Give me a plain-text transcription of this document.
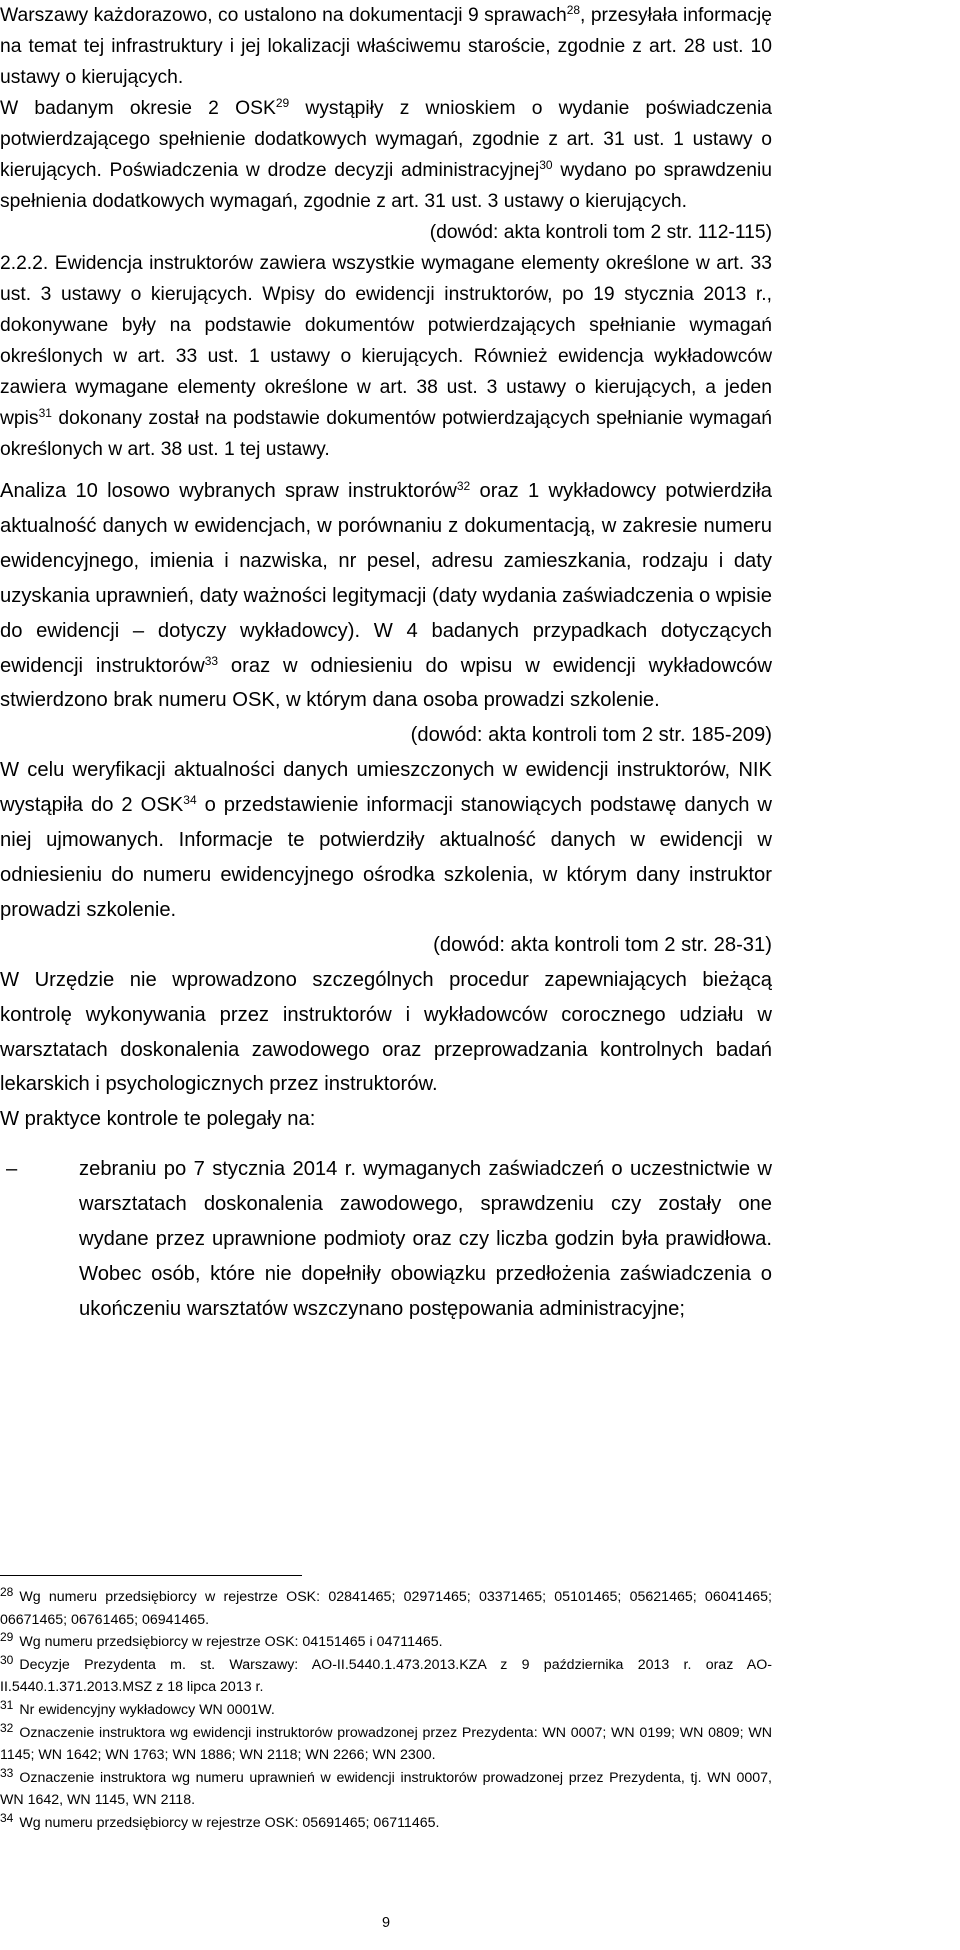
Warszawy każdorazowo, co ustalono na dokumentacji 9 sprawach$^{28}$, przesyłała informację na temat tej infrastruktury i jej lokalizacji właściwemu staroście, zgodnie z art. 28 ust. 10 ustawy o kierujących.

W badanym okresie 2 OSK$^{29}$ wystąpiły z wnioskiem o wydanie poświadczenia potwierdzającego spełnienie dodatkowych wymagań, zgodnie z art. 31 ust. 1 ustawy o kierujących. Poświadczenia w drodze decyzji administracyjnej$^{30}$ wydano po sprawdzeniu spełnienia dodatkowych wymagań, zgodnie z art. 31 ust. 3 ustawy o kierujących.

(dowód: akta kontroli tom 2 str. 112-115)

2.2.2. Ewidencja instruktorów zawiera wszystkie wymagane elementy określone w art. 33 ust. 3 ustawy o kierujących. Wpisy do ewidencji instruktorów, po 19 stycznia 2013 r., dokonywane były na podstawie dokumentów potwierdzających spełnianie wymagań określonych w art. 33 ust. 1 ustawy o kierujących. Również ewidencja wykładowców zawiera wymagane elementy określone w art. 38 ust. 3 ustawy o kierujących, a jeden wpis$^{31}$ dokonany został na podstawie dokumentów potwierdzających spełnianie wymagań określonych w art. 38 ust. 1 tej ustawy.

Analiza 10 losowo wybranych spraw instruktorów$^{32}$ oraz 1 wykładowcy potwierdziła aktualność danych w ewidencjach, w porównaniu z dokumentacją, w zakresie numeru ewidencyjnego, imienia i nazwiska, nr pesel, adresu zamieszkania, rodzaju i daty uzyskania uprawnień, daty ważności legitymacji (daty wydania zaświadczenia o wpisie do ewidencji – dotyczy wykładowcy). W 4 badanych przypadkach dotyczących ewidencji instruktorów$^{33}$ oraz w odniesieniu do wpisu w ewidencji wykładowców stwierdzono brak numeru OSK, w którym dana osoba prowadzi szkolenie.

(dowód: akta kontroli tom 2 str. 185-209)

W celu weryfikacji aktualności danych umieszczonych w ewidencji instruktorów, NIK wystąpiła do 2 OSK$^{34}$ o przedstawienie informacji stanowiących podstawę danych w niej ujmowanych. Informacje te potwierdziły aktualność danych w ewidencji w odniesieniu do numeru ewidencyjnego ośrodka szkolenia, w którym dany instruktor prowadzi szkolenie.

(dowód: akta kontroli tom 2 str. 28-31)

W Urzędzie nie wprowadzono szczególnych procedur zapewniających bieżącą kontrolę wykonywania przez instruktorów i wykładowców corocznego udziału w warsztatach doskonalenia zawodowego oraz przeprowadzania kontrolnych badań lekarskich i psychologicznych przez instruktorów.

W praktyce kontrole te polegały na:

–	zebraniu po 7 stycznia 2014 r. wymaganych zaświadczeń o uczestnictwie w warsztatach doskonalenia zawodowego, sprawdzeniu czy zostały one wydane przez uprawnione podmioty oraz czy liczba godzin była prawidłowa. Wobec osób, które nie dopełniły obowiązku przedłożenia zaświadczenia o ukończeniu warsztatów wszczynano postępowania administracyjne;

$^{28}$ Wg numeru przedsiębiorcy w rejestrze OSK: 02841465; 02971465; 03371465; 05101465; 05621465; 06041465; 06671465; 06761465; 06941465.

$^{29}$ Wg numeru przedsiębiorcy w rejestrze OSK: 04151465 i 04711465.

$^{30}$ Decyzje Prezydenta m. st. Warszawy: AO-II.5440.1.473.2013.KZA z 9 października 2013 r. oraz AO-II.5440.1.371.2013.MSZ z 18 lipca 2013 r.

$^{31}$ Nr ewidencyjny wykładowcy WN 0001W.

$^{32}$ Oznaczenie instruktora wg ewidencji instruktorów prowadzonej przez Prezydenta: WN 0007; WN 0199; WN 0809; WN 1145; WN 1642; WN 1763; WN 1886; WN 2118; WN 2266; WN 2300.

$^{33}$ Oznaczenie instruktora wg numeru uprawnień w ewidencji instruktorów prowadzonej przez Prezydenta, tj. WN 0007, WN 1642, WN 1145, WN 2118.

$^{34}$ Wg numeru przedsiębiorcy w rejestrze OSK: 05691465; 06711465.

9
